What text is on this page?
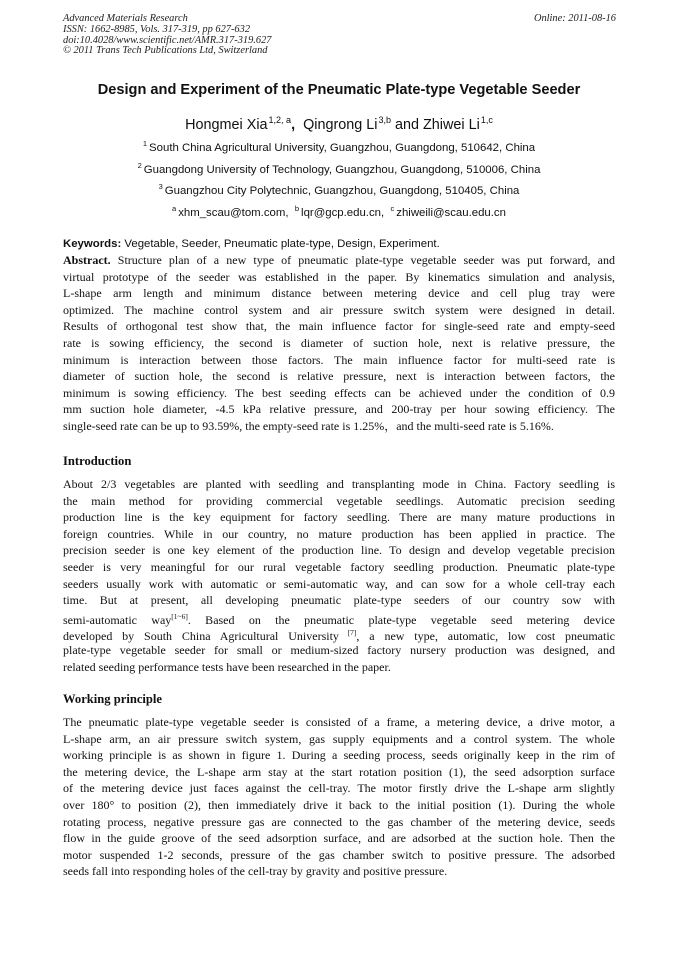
Advanced Materials Research
ISSN: 1662-8985, Vols. 317-319, pp 627-632
doi:10.4028/www.scientific.net/AMR.317-319.627
© 2011 Trans Tech Publications Ltd, Switzerland
Online: 2011-08-16
Design and Experiment of the Pneumatic Plate-type Vegetable Seeder
Hongmei Xia$^{1,2, a}$, Qingrong Li$^{3,b}$ and Zhiwei Li$^{1,c}$
$^1$ South China Agricultural University, Guangzhou, Guangdong, 510642, China
$^2$ Guangdong University of Technology, Guangzhou, Guangdong, 510006, China
$^3$ Guangzhou City Polytechnic, Guangzhou, Guangdong, 510405, China
$^a$ xhm_scau@tom.com, $^b$ lqr@gcp.edu.cn, $^c$ zhiweili@scau.edu.cn
Keywords: Vegetable, Seeder, Pneumatic plate-type, Design, Experiment.
Abstract. Structure plan of a new type of pneumatic plate-type vegetable seeder was put forward, and
virtual prototype of the seeder was established in the paper. By kinematics simulation and analysis,
L-shape arm length and minimum distance between metering device and cell plug tray were
optimized. The machine control system and air pressure switch system were designed in detail.
Results of orthogonal test show that, the main influence factor for single-seed rate and empty-seed
rate is sowing efficiency, the second is diameter of suction hole, next is relative pressure, the
minimum is interaction between those factors. The main influence factor for multi-seed rate is
diameter of suction hole, the second is relative pressure, next is interaction between factors, the
minimum is sowing efficiency. The best seeding effects can be achieved under the condition of 0.9
mm suction hole diameter, -4.5 kPa relative pressure, and 200-tray per hour sowing efficiency. The
single-seed rate can be up to 93.59%, the empty-seed rate is 1.25%，and the multi-seed rate is 5.16%.
Introduction
About 2/3 vegetables are planted with seedling and transplanting mode in China. Factory seedling is
the main method for providing commercial vegetable seedlings. Automatic precision seeding
production line is the key equipment for factory seedling. There are many mature productions in
foreign countries. While in our country, no mature production has been applied in practice. The
precision seeder is one key element of the production line. To design and develop vegetable precision
seeder is very meaningful for our rural vegetable factory seedling production. Pneumatic plate-type
seeders usually work with automatic or semi-automatic way, and can sow for a whole cell-tray each
time. But at present, all developing pneumatic plate-type seeders of our country sow with
semi-automatic way[1~6]. Based on the pneumatic plate-type vegetable seed metering device
developed by South China Agricultural University [7], a new type, automatic, low cost pneumatic
plate-type vegetable seeder for small or medium-sized factory nursery production was designed, and
related seeding performance tests have been researched in the paper.
Working principle
The pneumatic plate-type vegetable seeder is consisted of a frame, a metering device, a drive motor, a
L-shape arm, an air pressure switch system, gas supply equipments and a control system. The whole
working principle is as shown in figure 1. During a seeding process, seeds originally keep in the rim of
the metering device, the L-shape arm stay at the start rotation position (1), the seed adsorption surface
of the metering device just faces against the cell-tray. The motor firstly drive the L-shape arm slightly
over 180° to position (2), then immediately drive it back to the initial position (1). During the whole
rotating process, negative pressure gas are connected to the gas chamber of the metering device, seeds
flow in the guide groove of the seed adsorption surface, and are adsorbed at the suction hole. Then the
motor suspended 1-2 seconds, pressure of the gas chamber switch to positive pressure. The adsorbed
seeds fall into responding holes of the cell-tray by gravity and positive pressure.
